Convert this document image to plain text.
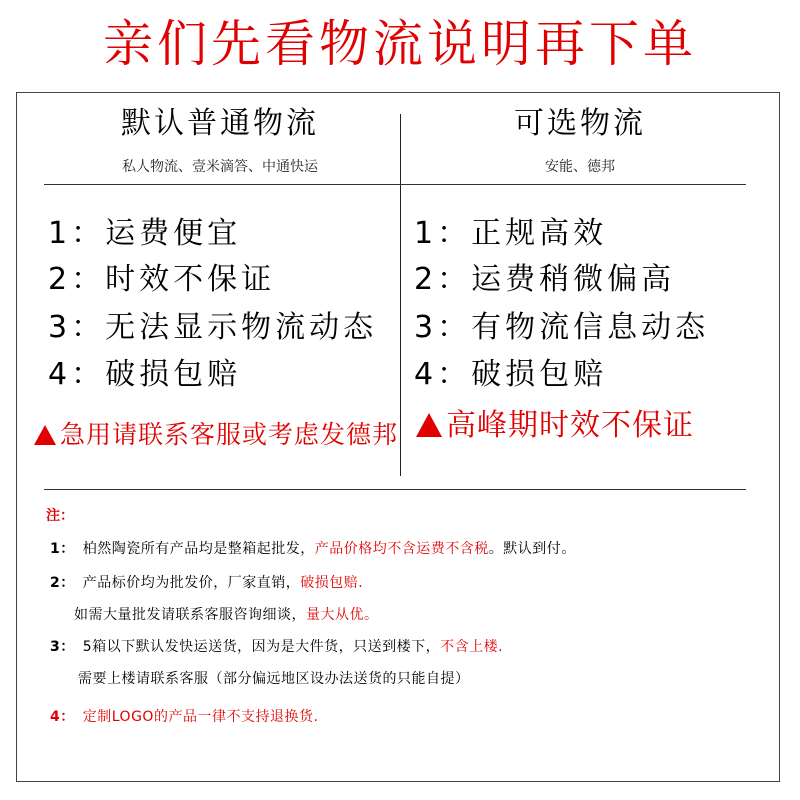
亲们先看物流说明再下单
默认普通物流
私人物流、壹米滴答、中通快运
可选物流
安能、德邦
1：运费便宜
2：时效不保证
3：无法显示物流动态
4：破损包赔
1：正规高效
2：运费稍微偏高
3：有物流信息动态
4：破损包赔
急用请联系客服或考虑发德邦	高峰期时效不保证
注：
1： 柏然陶瓷所有产品均是整箱起批发，产品价格均不含运费不含税。默认到付。
2： 产品标价均为批发价，厂家直销，破损包赔.
如需大量批发请联系客服咨询细谈，量大从优。
3： 5箱以下默认发快运送货，因为是大件货，只送到楼下，不含上楼.
需要上楼请联系客服（部分偏远地区设办法送货的只能自提）
4： 定制LOGO的产品一律不支持退换货.
